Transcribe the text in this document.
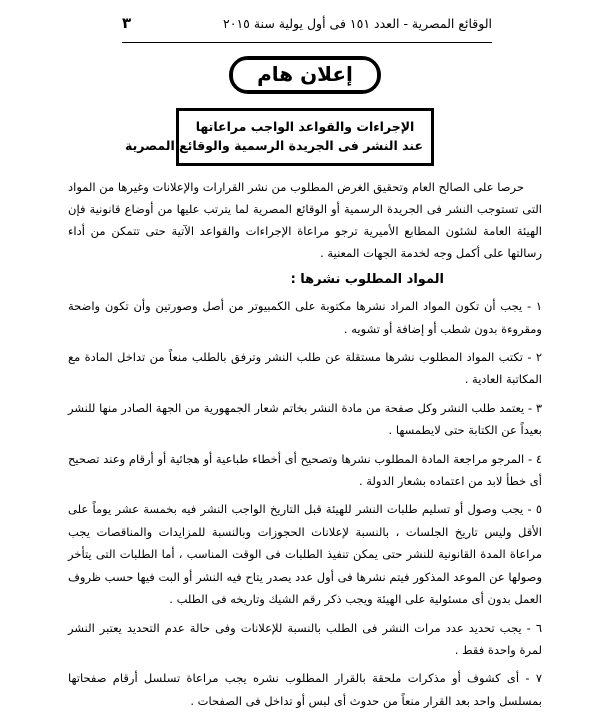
الوقائع المصرية - العدد ١٥١ فى أول يولية سنة ٢٠١٥
٣
إعلان هام
الإجراءات والقواعد الواجب مراعاتها
عند النشر فى الجريدة الرسمية والوقائع المصرية

حرصا على الصالح العام وتحقيق الغرض المطلوب من نشر القرارات والإعلانات وغيرها من المواد التى تستوجب النشر فى الجريدة الرسمية أو الوقائع المصرية لما يترتب عليها من أوضاع قانونية فإن الهيئة العامة لشئون المطابع الأميرية ترجو مراعاة الإجراءات والقواعد الآتية حتى تتمكن من أداء رسالتها على أكمل وجه لخدمة الجهات المعنية .

المواد المطلوب نشرها :
١ - يجب أن تكون المواد المراد نشرها مكتوبة على الكمبيوتر من أصل وصورتين وأن تكون واضحة ومقروءة بدون شطب أو إضافة أو تشويه .
٢ - تكتب المواد المطلوب نشرها مستقلة عن طلب النشر وترفق بالطلب منعاً من تداخل المادة مع المكاتبة العادية .
٣ - يعتمد طلب النشر وكل صفحة من مادة النشر بخاتم شعار الجمهورية من الجهة الصادر منها للنشر بعيداً عن الكتابة حتى لايطمسها .
٤ - المرجو مراجعة المادة المطلوب نشرها وتصحيح أى أخطاء طباعية أو هجائية أو أرقام وعند تصحيح أى خطأ لابد من اعتماده بشعار الدولة .
٥ - يجب وصول أو تسليم طلبات النشر للهيئة قبل التاريخ الواجب النشر فيه بخمسة عشر يوماً على الأقل وليس تاريخ الجلسات ، بالنسبة لإعلانات الحجوزات وبالنسبة للمزايدات والمناقصات يجب مراعاة المدة القانونية للنشر حتى يمكن تنفيذ الطلبات فى الوقت المناسب ، أما الطلبات التى يتأخر وصولها عن الموعد المذكور فيتم نشرها فى أول عدد يصدر يتاح فيه النشر أو البت فيها حسب ظروف العمل بدون أى مسئولية على الهيئة ويجب ذكر رقم الشيك وتاريخه فى الطلب .
٦ - يجب تحديد عدد مرات النشر فى الطلب بالنسبة للإعلانات وفى حالة عدم التحديد يعتبر النشر لمرة واحدة فقط .
٧ - أى كشوف أو مذكرات ملحقة بالقرار المطلوب نشره يجب مراعاة تسلسل أرقام صفحاتها بمسلسل واحد بعد القرار منعاً من حدوث أى لبس أو تداخل فى الصفحات .
